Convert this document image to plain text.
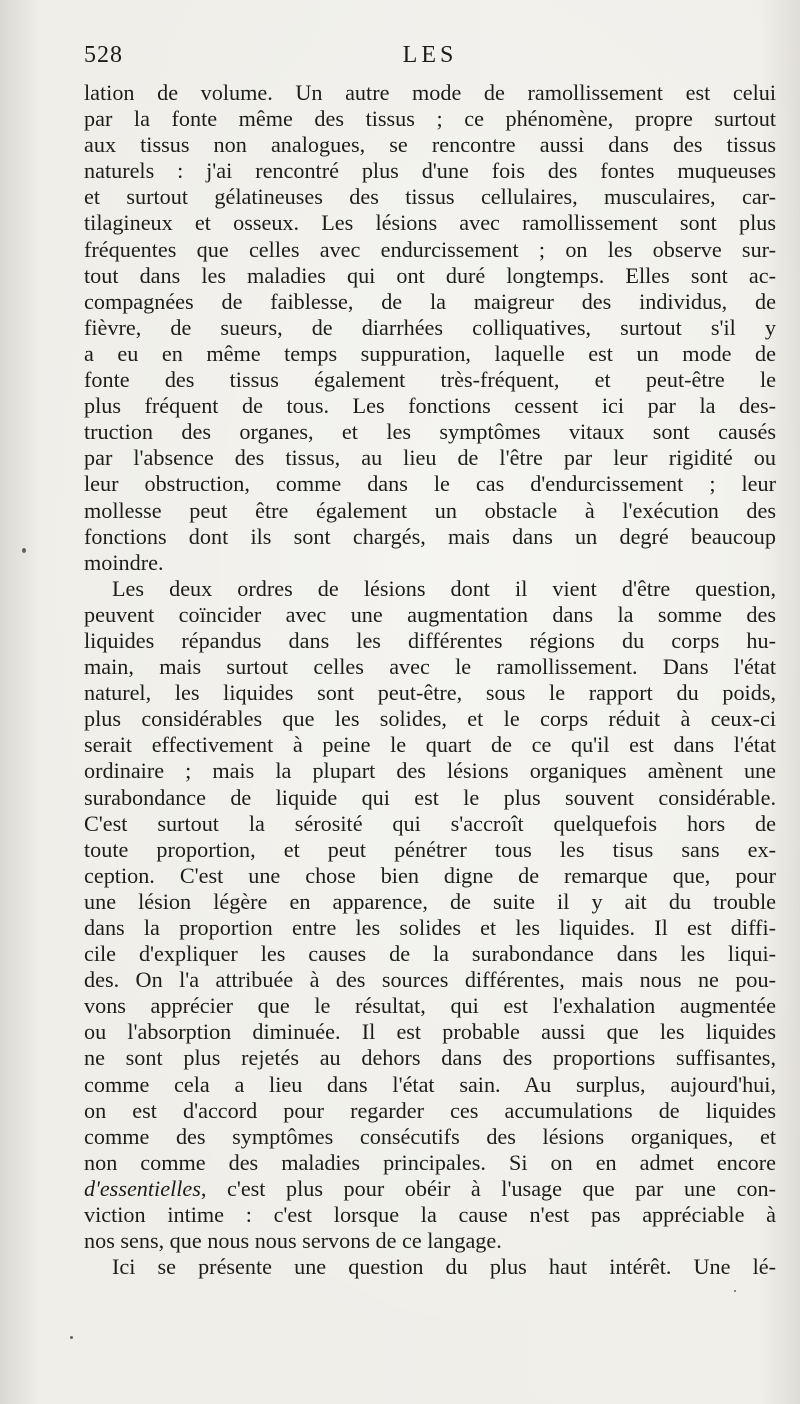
528	LES
lation de volume. Un autre mode de ramollissement est celui
par la fonte même des tissus ; ce phénomène, propre surtout
aux tissus non analogues, se rencontre aussi dans des tissus
naturels : j'ai rencontré plus d'une fois des fontes muqueuses
et surtout gélatineuses des tissus cellulaires, musculaires, car-
tilagineux et osseux. Les lésions avec ramollissement sont plus
fréquentes que celles avec endurcissement ; on les observe sur-
tout dans les maladies qui ont duré longtemps. Elles sont ac-
compagnées de faiblesse, de la maigreur des individus, de
fièvre, de sueurs, de diarrhées colliquatives, surtout s'il y
a eu en même temps suppuration, laquelle est un mode de
fonte des tissus également très-fréquent, et peut-être le
plus fréquent de tous. Les fonctions cessent ici par la des-
truction des organes, et les symptômes vitaux sont causés
par l'absence des tissus, au lieu de l'être par leur rigidité ou
leur obstruction, comme dans le cas d'endurcissement ; leur
mollesse peut être également un obstacle à l'exécution des
fonctions dont ils sont chargés, mais dans un degré beaucoup
moindre.
Les deux ordres de lésions dont il vient d'être question,
peuvent coïncider avec une augmentation dans la somme des
liquides répandus dans les différentes régions du corps hu-
main, mais surtout celles avec le ramollissement. Dans l'état
naturel, les liquides sont peut-être, sous le rapport du poids,
plus considérables que les solides, et le corps réduit à ceux-ci
serait effectivement à peine le quart de ce qu'il est dans l'état
ordinaire ; mais la plupart des lésions organiques amènent une
surabondance de liquide qui est le plus souvent considérable.
C'est surtout la sérosité qui s'accroît quelquefois hors de
toute proportion, et peut pénétrer tous les tisus sans ex-
ception. C'est une chose bien digne de remarque que, pour
une lésion légère en apparence, de suite il y ait du trouble
dans la proportion entre les solides et les liquides. Il est diffi-
cile d'expliquer les causes de la surabondance dans les liqui-
des. On l'a attribuée à des sources différentes, mais nous ne pou-
vons apprécier que le résultat, qui est l'exhalation augmentée
ou l'absorption diminuée. Il est probable aussi que les liquides
ne sont plus rejetés au dehors dans des proportions suffisantes,
comme cela a lieu dans l'état sain. Au surplus, aujourd'hui,
on est d'accord pour regarder ces accumulations de liquides
comme des symptômes consécutifs des lésions organiques, et
non comme des maladies principales. Si on en admet encore
d'essentielles, c'est plus pour obéir à l'usage que par une con-
viction intime : c'est lorsque la cause n'est pas appréciable à
nos sens, que nous nous servons de ce langage.
Ici se présente une question du plus haut intérêt. Une lé-
